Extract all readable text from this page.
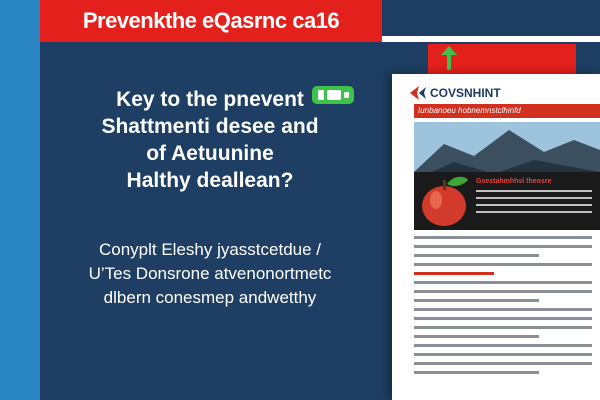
Prevenkthe eQasrnc ca16
Key to the pnevent
Shattmenti desee and
of Aetuunine
Halthy deallean?
Conyplt Eleshy jyasstcetdue /
U’Tes Donsrone atvenonortmetc
dlbern conesmep andwetthy
COVSNHINT
Iunbanoeu hobnemnstclhinfd
Gsestahmhhsl theosre
